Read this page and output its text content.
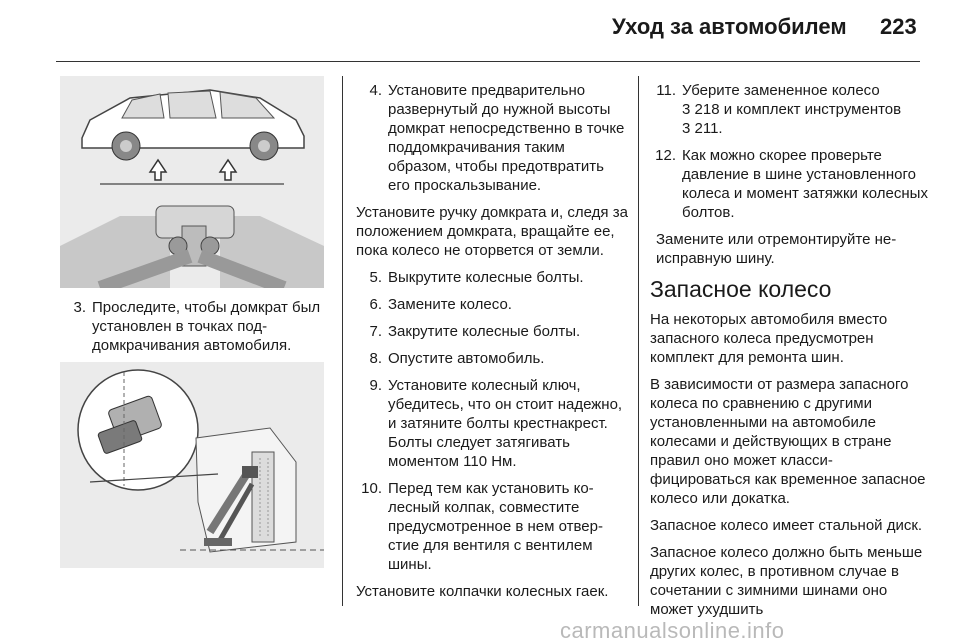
Уход за автомобилем 223
3. Проследите, чтобы домкрат был установлен в точках поддомкрачивания автомобиля.
4. Установите предварительно развернутый до нужной высоты домкрат непосредственно в точке поддомкрачивания таким образом, чтобы предотвратить его проскальзывание.

Установите ручку домкрата и, следя за положением домкрата, вращайте ее, пока колесо не оторвется от земли.

5. Выкрутите колесные болты.
6. Замените колесо.
7. Закрутите колесные болты.
8. Опустите автомобиль.
9. Установите колесный ключ, убедитесь, что он стоит надежно, и затяните болты крестнакрест. Болты следует затягивать моментом 110 Нм.
10. Перед тем как установить колесный колпак, совместите предусмотренное в нем отверстие для вентиля с вентилем шины.

Установите колпачки колесных гаек.

11. Уберите замененное колесо
3 218 и комплект инструментов
3 211.
12. Как можно скорее проверьте давление в шине установленного колеса и момент затяжки колесных болтов.

Замените или отремонтируйте неисправную шину.

Запасное колесо

На некоторых автомобиля вместо запасного колеса предусмотрен комплект для ремонта шин.

В зависимости от размера запасного колеса по сравнению с другими установленными на автомобиле колесами и действующих в стране правил оно может классифицироваться как временное запасное колесо или докатка.

Запасное колесо имеет стальной диск.

Запасное колесо должно быть меньше других колес, в противном случае в сочетании с зимними шинами оно может ухудшить

carmanualsonline.info
